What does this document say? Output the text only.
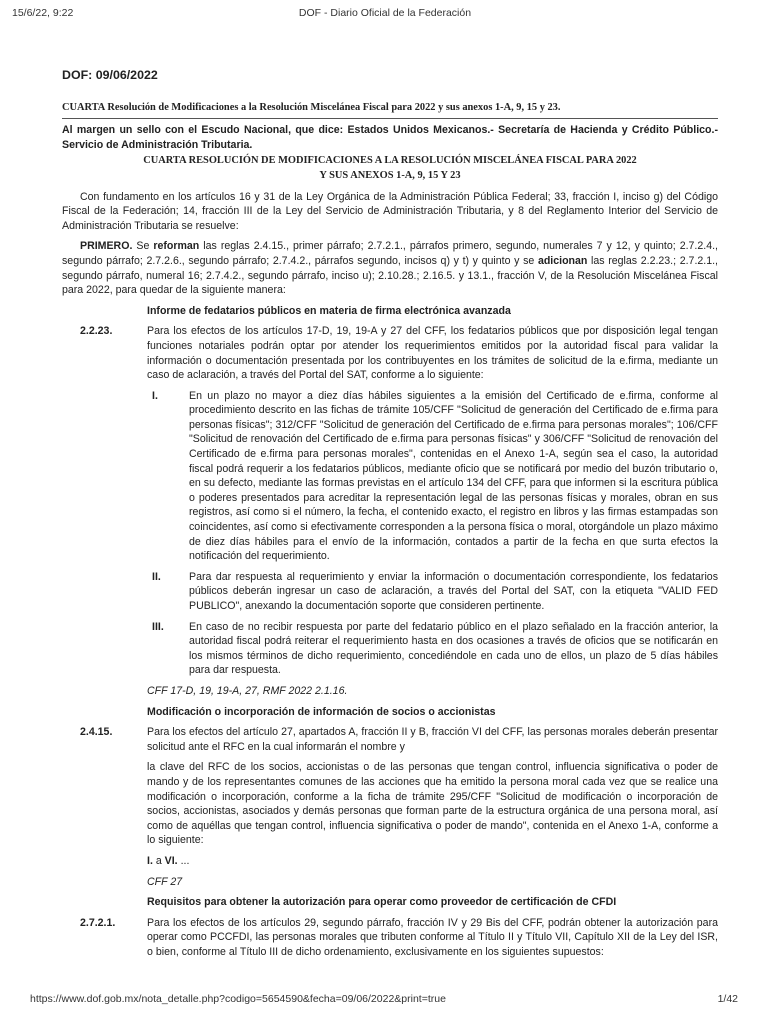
15/6/22, 9:22	DOF - Diario Oficial de la Federación
DOF: 09/06/2022
CUARTA Resolución de Modificaciones a la Resolución Miscelánea Fiscal para 2022 y sus anexos 1-A, 9, 15 y 23.

Al margen un sello con el Escudo Nacional, que dice: Estados Unidos Mexicanos.- Secretaría de Hacienda y Crédito Público.- Servicio de Administración Tributaria.

CUARTA RESOLUCIÓN DE MODIFICACIONES A LA RESOLUCIÓN MISCELÁNEA FISCAL PARA 2022
Y SUS ANEXOS 1-A, 9, 15 Y 23

Con fundamento en los artículos 16 y 31 de la Ley Orgánica de la Administración Pública Federal; 33, fracción I, inciso g) del Código Fiscal de la Federación; 14, fracción III de la Ley del Servicio de Administración Tributaria, y 8 del Reglamento Interior del Servicio de Administración Tributaria se resuelve:

PRIMERO. Se reforman las reglas 2.4.15., primer párrafo; 2.7.2.1., párrafos primero, segundo, numerales 7 y 12, y quinto; 2.7.2.4., segundo párrafo; 2.7.2.6., segundo párrafo; 2.7.4.2., párrafos segundo, incisos q) y t) y quinto y se adicionan las reglas 2.2.23.; 2.7.2.1., segundo párrafo, numeral 16; 2.7.4.2., segundo párrafo, inciso u); 2.10.28.; 2.16.5. y 13.1., fracción V, de la Resolución Miscelánea Fiscal para 2022, para quedar de la siguiente manera:

Informe de fedatarios públicos en materia de firma electrónica avanzada

2.2.23.	Para los efectos de los artículos 17-D, 19, 19-A y 27 del CFF, los fedatarios públicos que por disposición legal tengan funciones notariales podrán optar por atender los requerimientos emitidos por la autoridad fiscal para validar la información o documentación presentada por los contribuyentes en los trámites de solicitud de la e.firma, mediante un caso de aclaración, a través del Portal del SAT, conforme a lo siguiente:
I.	En un plazo no mayor a diez días hábiles siguientes a la emisión del Certificado de e.firma, conforme al procedimiento descrito en las fichas de trámite 105/CFF "Solicitud de generación del Certificado de e.firma para personas físicas"; 312/CFF "Solicitud de generación del Certificado de e.firma para personas morales"; 106/CFF "Solicitud de renovación del Certificado de e.firma para personas físicas" y 306/CFF "Solicitud de renovación del Certificado de e.firma para personas morales", contenidas en el Anexo 1-A, según sea el caso, la autoridad fiscal podrá requerir a los fedatarios públicos, mediante oficio que se notificará por medio del buzón tributario o, en su defecto, mediante las formas previstas en el artículo 134 del CFF, para que informen si la escritura pública o poderes presentados para acreditar la representación legal de las personas físicas y morales, obran en sus registros, así como si el número, la fecha, el contenido exacto, el registro en libros y las firmas estampadas son coincidentes, así como si efectivamente corresponden a la persona física o moral, otorgándole un plazo máximo de diez días hábiles para el envío de la información, contados a partir de la fecha en que surta efectos la notificación del requerimiento.
II.	Para dar respuesta al requerimiento y enviar la información o documentación correspondiente, los fedatarios públicos deberán ingresar un caso de aclaración, a través del Portal del SAT, con la etiqueta "VALID FED PUBLICO", anexando la documentación soporte que consideren pertinente.
III.	En caso de no recibir respuesta por parte del fedatario público en el plazo señalado en la fracción anterior, la autoridad fiscal podrá reiterar el requerimiento hasta en dos ocasiones a través de oficios que se notificarán en los mismos términos de dicho requerimiento, concediéndole en cada uno de ellos, un plazo de 5 días hábiles para dar respuesta.

CFF 17-D, 19, 19-A, 27, RMF 2022 2.1.16.

Modificación o incorporación de información de socios o accionistas

2.4.15.	Para los efectos del artículo 27, apartados A, fracción II y B, fracción VI del CFF, las personas morales deberán presentar solicitud ante el RFC en la cual informarán el nombre y

la clave del RFC de los socios, accionistas o de las personas que tengan control, influencia significativa o poder de mando y de los representantes comunes de las acciones que ha emitido la persona moral cada vez que se realice una modificación o incorporación, conforme a la ficha de trámite 295/CFF "Solicitud de modificación o incorporación de socios, accionistas, asociados y demás personas que forman parte de la estructura orgánica de una persona moral, así como de aquéllas que tengan control, influencia significativa o poder de mando", contenida en el Anexo 1-A, conforme a lo siguiente:

I. a VI. ...

CFF 27

Requisitos para obtener la autorización para operar como proveedor de certificación de CFDI

2.7.2.1.	Para los efectos de los artículos 29, segundo párrafo, fracción IV y 29 Bis del CFF, podrán obtener la autorización para operar como PCCFDI, las personas morales que tributen conforme al Título II y Título VII, Capítulo XII de la Ley del ISR, o bien, conforme al Título III de dicho ordenamiento, exclusivamente en los siguientes supuestos:
https://www.dof.gob.mx/nota_detalle.php?codigo=5654590&fecha=09/06/2022&print=true	1/42
